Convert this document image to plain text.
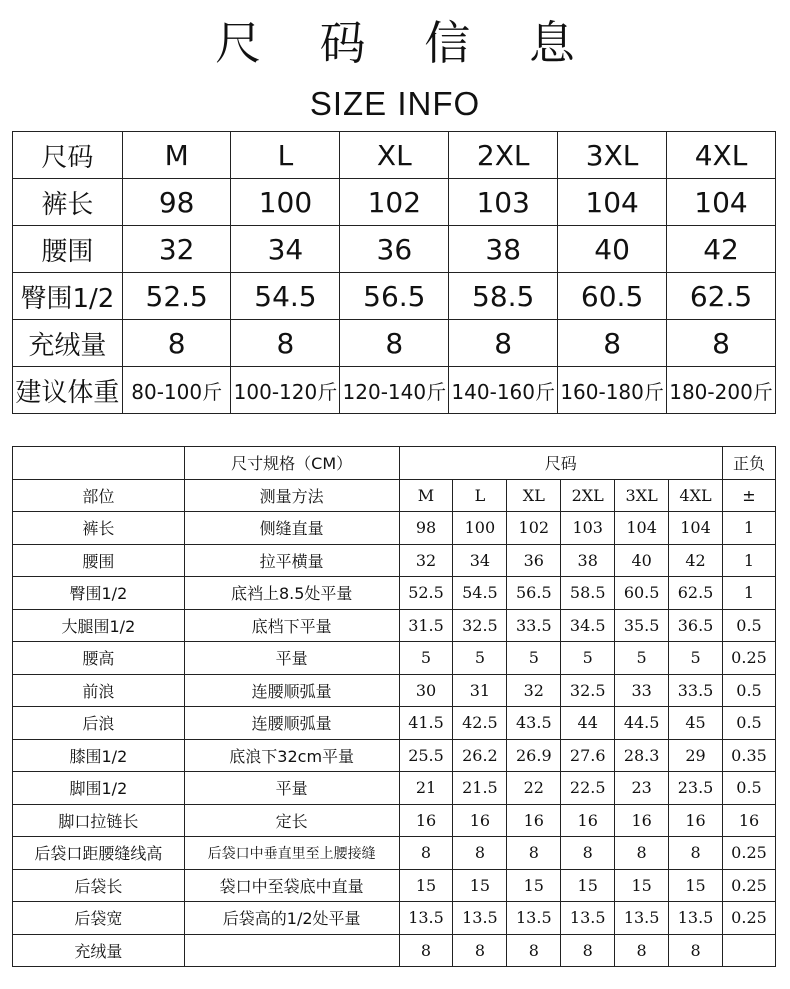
尺 码 信 息
SIZE INFO
尺码	M	L	XL	2XL	3XL	4XL
裤长	98	100	102	103	104	104
腰围	32	34	36	38	40	42
臀围1/2	52.5	54.5	56.5	58.5	60.5	62.5
充绒量	8	8	8	8	8	8
建议体重	80-100斤	100-120斤	120-140斤	140-160斤	160-180斤	180-200斤
	尺寸规格（CM）	尺码						正负
部位	测量方法	M	L	XL	2XL	3XL	4XL	±
裤长	侧缝直量	98	100	102	103	104	104	1
腰围	拉平横量	32	34	36	38	40	42	1
臀围1/2	底裆上8.5处平量	52.5	54.5	56.5	58.5	60.5	62.5	1
大腿围1/2	底档下平量	31.5	32.5	33.5	34.5	35.5	36.5	0.5
腰高	平量	5	5	5	5	5	5	0.25
前浪	连腰顺弧量	30	31	32	32.5	33	33.5	0.5
后浪	连腰顺弧量	41.5	42.5	43.5	44	44.5	45	0.5
膝围1/2	底浪下32cm平量	25.5	26.2	26.9	27.6	28.3	29	0.35
脚围1/2	平量	21	21.5	22	22.5	23	23.5	0.5
脚口拉链长	定长	16	16	16	16	16	16	16
后袋口距腰缝线高	后袋口中垂直里至上腰接缝	8	8	8	8	8	8	0.25
后袋长	袋口中至袋底中直量	15	15	15	15	15	15	0.25
后袋宽	后袋高的1/2处平量	13.5	13.5	13.5	13.5	13.5	13.5	0.25
充绒量		8	8	8	8	8	8	
